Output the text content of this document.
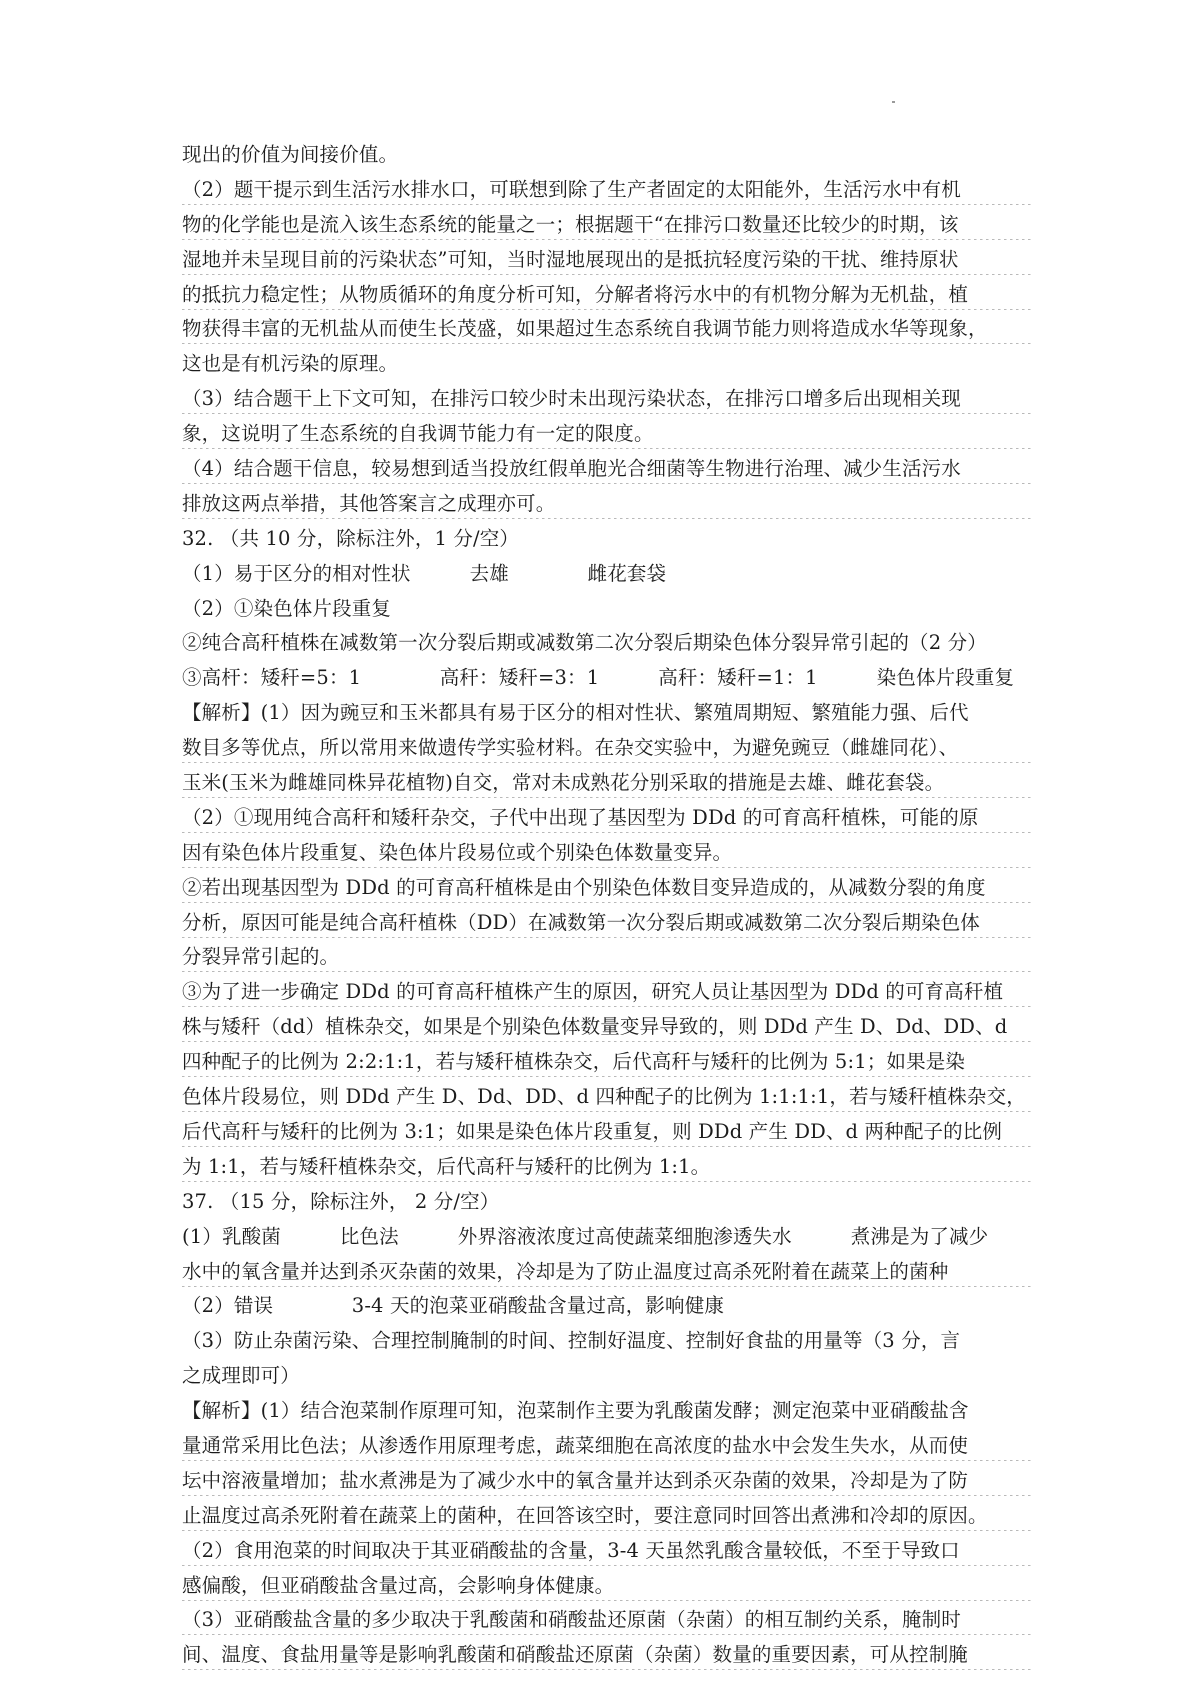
现出的价值为间接价值。
（2）题干提示到生活污水排水口，可联想到除了生产者固定的太阳能外，生活污水中有机
物的化学能也是流入该生态系统的能量之一；根据题干“在排污口数量还比较少的时期，该
湿地并未呈现目前的污染状态”可知，当时湿地展现出的是抵抗轻度污染的干扰、维持原状
的抵抗力稳定性；从物质循环的角度分析可知，分解者将污水中的有机物分解为无机盐，植
物获得丰富的无机盐从而使生长茂盛，如果超过生态系统自我调节能力则将造成水华等现象，
这也是有机污染的原理。
（3）结合题干上下文可知，在排污口较少时未出现污染状态，在排污口增多后出现相关现
象，这说明了生态系统的自我调节能力有一定的限度。
（4）结合题干信息，较易想到适当投放红假单胞光合细菌等生物进行治理、减少生活污水
排放这两点举措，其他答案言之成理亦可。
32. （共 10 分，除标注外，1 分/空）
（1）易于区分的相对性状　　　去雄　　　　雌花套袋
（2）①染色体片段重复
②纯合高秆植株在减数第一次分裂后期或减数第二次分裂后期染色体分裂异常引起的（2 分）
③高杆：矮秆=5：1　　　　高秆：矮秆=3：1　　　高秆：矮秆=1：1　　　染色体片段重复
【解析】(1）因为豌豆和玉米都具有易于区分的相对性状、繁殖周期短、繁殖能力强、后代
数目多等优点，所以常用来做遗传学实验材料。在杂交实验中，为避免豌豆（雌雄同花）、
玉米(玉米为雌雄同株异花植物)自交，常对未成熟花分别采取的措施是去雄、雌花套袋。
（2）①现用纯合高秆和矮秆杂交，子代中出现了基因型为 DDd 的可育高秆植株，可能的原
因有染色体片段重复、染色体片段易位或个别染色体数量变异。
②若出现基因型为 DDd 的可育高秆植株是由个别染色体数目变异造成的，从减数分裂的角度
分析，原因可能是纯合高秆植株（DD）在减数第一次分裂后期或减数第二次分裂后期染色体
分裂异常引起的。
③为了进一步确定 DDd 的可育高秆植株产生的原因，研究人员让基因型为 DDd 的可育高秆植
株与矮秆（dd）植株杂交，如果是个别染色体数量变异导致的，则 DDd 产生 D、Dd、DD、d
四种配子的比例为 2:2:1:1，若与矮秆植株杂交，后代高秆与矮秆的比例为 5:1；如果是染
色体片段易位，则 DDd 产生 D、Dd、DD、d 四种配子的比例为 1:1:1:1，若与矮秆植株杂交，
后代高秆与矮秆的比例为 3:1；如果是染色体片段重复，则 DDd 产生 DD、d 两种配子的比例
为 1:1，若与矮秆植株杂交，后代高秆与矮秆的比例为 1:1。
37. （15 分，除标注外， 2 分/空）
(1）乳酸菌　　　比色法　　　外界溶液浓度过高使蔬菜细胞渗透失水　　　煮沸是为了减少
水中的氧含量并达到杀灭杂菌的效果，冷却是为了防止温度过高杀死附着在蔬菜上的菌种
（2）错误　　　　3-4 天的泡菜亚硝酸盐含量过高，影响健康
（3）防止杂菌污染、合理控制腌制的时间、控制好温度、控制好食盐的用量等（3 分，言
之成理即可）
【解析】(1）结合泡菜制作原理可知，泡菜制作主要为乳酸菌发酵；测定泡菜中亚硝酸盐含
量通常采用比色法；从渗透作用原理考虑，蔬菜细胞在高浓度的盐水中会发生失水，从而使
坛中溶液量增加；盐水煮沸是为了减少水中的氧含量并达到杀灭杂菌的效果，冷却是为了防
止温度过高杀死附着在蔬菜上的菌种，在回答该空时，要注意同时回答出煮沸和冷却的原因。
（2）食用泡菜的时间取决于其亚硝酸盐的含量，3-4 天虽然乳酸含量较低，不至于导致口
感偏酸，但亚硝酸盐含量过高，会影响身体健康。
（3）亚硝酸盐含量的多少取决于乳酸菌和硝酸盐还原菌（杂菌）的相互制约关系，腌制时
间、温度、食盐用量等是影响乳酸菌和硝酸盐还原菌（杂菌）数量的重要因素，可从控制腌
